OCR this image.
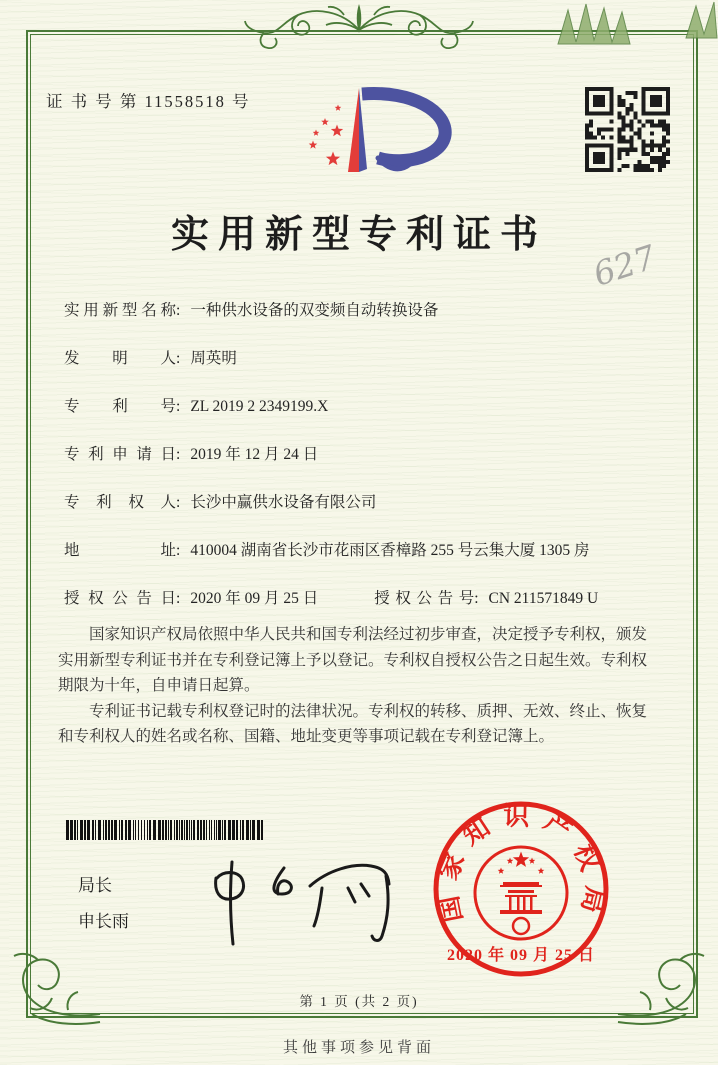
证 书 号 第 11558518 号
实用新型专利证书
627
实用新型名称 : 一种供水设备的双变频自动转换设备
发明人 : 周英明
专利号 : ZL 2019 2 2349199.X
专利申请日 : 2019 年 12 月 24 日
专利权人 : 长沙中赢供水设备有限公司
地址 : 410004 湖南省长沙市花雨区香樟路 255 号云集大厦 1305 房
授权公告日 : 2020 年 09 月 25 日	授权公告号 : CN 211571849 U

国家知识产权局依照中华人民共和国专利法经过初步审查，决定授予专利权，颁发实用新型专利证书并在专利登记簿上予以登记。专利权自授权公告之日起生效。专利权期限为十年，自申请日起算。

专利证书记载专利权登记时的法律状况。专利权的转移、质押、无效、终止、恢复和专利权人的姓名或名称、国籍、地址变更等事项记载在专利登记簿上。

局长
申长雨	国家知识产权局
2020 年 09 月 25 日
第 1 页 (共 2 页)
其他事项参见背面
